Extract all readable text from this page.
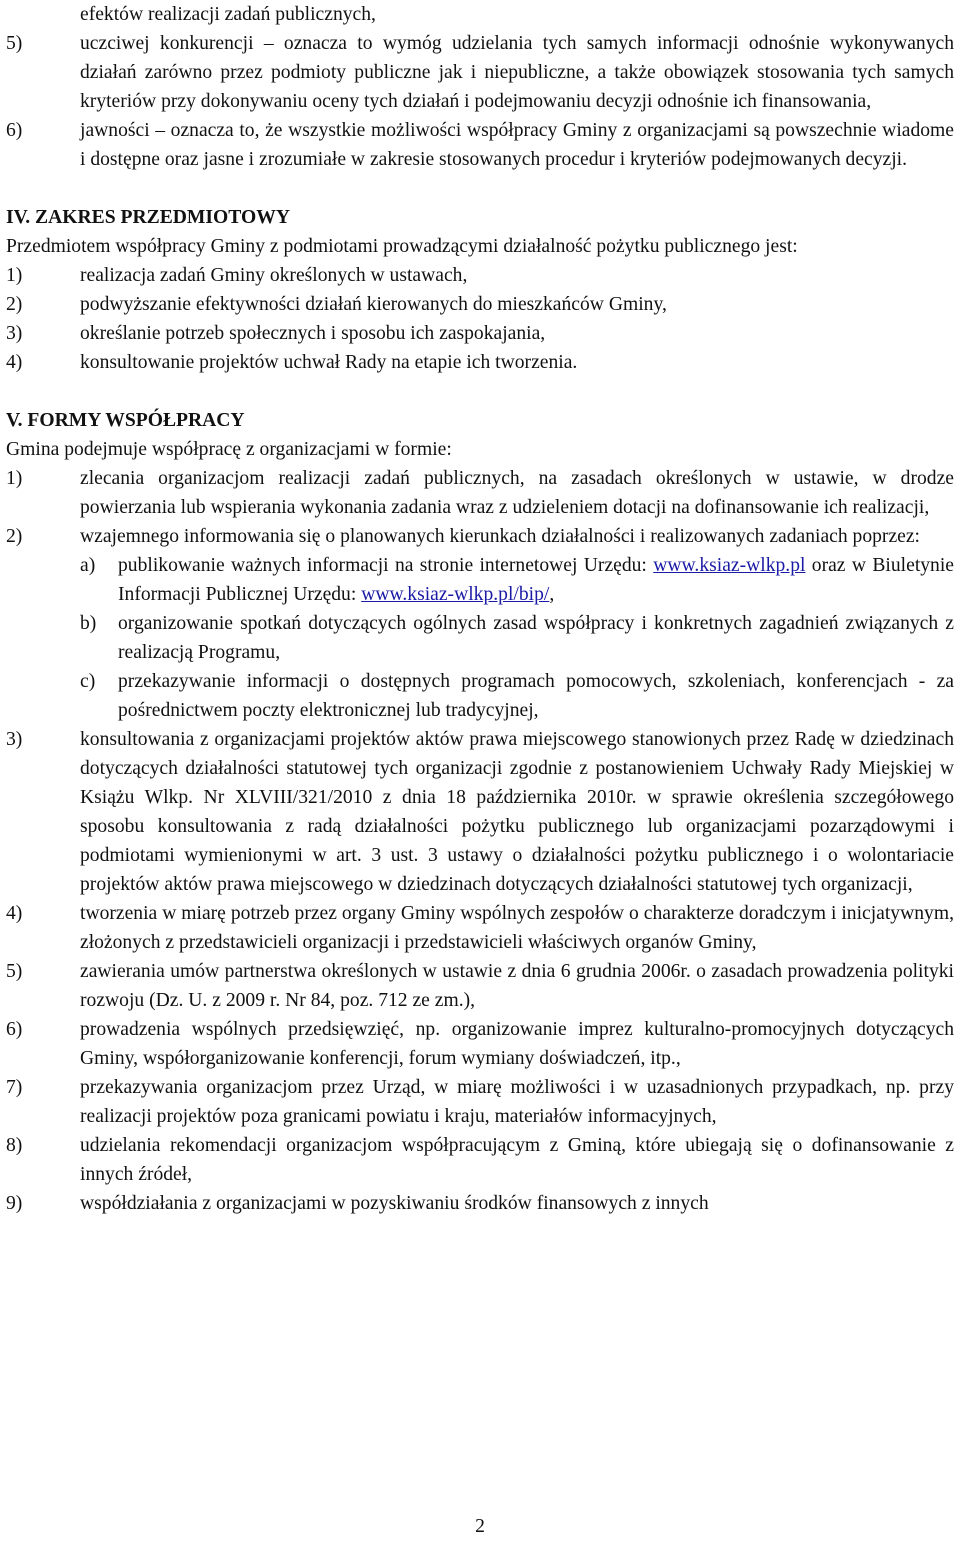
efektów realizacji zadań publicznych,

5)	uczciwej konkurencji – oznacza to wymóg udzielania tych samych informacji odnośnie wykonywanych działań zarówno przez podmioty publiczne jak i niepubliczne, a także obowiązek stosowania tych samych kryteriów przy dokonywaniu oceny tych działań i podejmowaniu decyzji odnośnie ich finansowania,
6)	jawności – oznacza to, że wszystkie możliwości współpracy Gminy z organizacjami są powszechnie wiadome i dostępne oraz jasne i zrozumiałe w zakresie stosowanych procedur i kryteriów podejmowanych decyzji.
IV. ZAKRES PRZEDMIOTOWY

Przedmiotem współpracy Gminy z podmiotami prowadzącymi działalność pożytku publicznego jest:

1)	realizacja zadań Gminy określonych w ustawach,
2)	podwyższanie efektywności działań kierowanych do mieszkańców Gminy,
3)	określanie potrzeb społecznych i sposobu ich zaspokajania,
4)	konsultowanie projektów uchwał Rady na etapie ich tworzenia.
V. FORMY WSPÓŁPRACY

Gmina podejmuje współpracę z organizacjami w formie:

1)	zlecania organizacjom realizacji zadań publicznych, na zasadach określonych w ustawie, w drodze powierzania lub wspierania wykonania zadania wraz z udzieleniem dotacji na dofinansowanie ich realizacji,
2)	wzajemnego informowania się o planowanych kierunkach działalności i realizowanych zadaniach poprzez:
a)	publikowanie ważnych informacji na stronie internetowej Urzędu: www.ksiaz-wlkp.pl oraz w Biuletynie Informacji Publicznej Urzędu: www.ksiaz-wlkp.pl/bip/,
b)	organizowanie spotkań dotyczących ogólnych zasad współpracy i konkretnych zagadnień związanych z realizacją Programu,
c)	przekazywanie informacji o dostępnych programach pomocowych, szkoleniach, konferencjach - za pośrednictwem poczty elektronicznej lub tradycyjnej,
3)	konsultowania z organizacjami projektów aktów prawa miejscowego stanowionych przez Radę w dziedzinach dotyczących działalności statutowej tych organizacji zgodnie z postanowieniem Uchwały Rady Miejskiej w Książu Wlkp. Nr XLVIII/321/2010 z dnia 18 października 2010r. w sprawie określenia szczegółowego sposobu konsultowania z radą działalności pożytku publicznego lub organizacjami pozarządowymi i podmiotami wymienionymi w art. 3 ust. 3 ustawy o działalności pożytku publicznego i o wolontariacie projektów aktów prawa miejscowego w dziedzinach dotyczących działalności statutowej tych organizacji,
4)	tworzenia w miarę potrzeb przez organy Gminy wspólnych zespołów o charakterze doradczym i inicjatywnym, złożonych z przedstawicieli organizacji i przedstawicieli właściwych organów Gminy,
5)	zawierania umów partnerstwa określonych w ustawie z dnia 6 grudnia 2006r. o zasadach prowadzenia polityki rozwoju (Dz. U. z 2009 r. Nr 84, poz. 712 ze zm.),
6)	prowadzenia wspólnych przedsięwzięć, np. organizowanie imprez kulturalno-promocyjnych dotyczących Gminy, współorganizowanie konferencji, forum wymiany doświadczeń, itp.,
7)	przekazywania organizacjom przez Urząd, w miarę możliwości i w uzasadnionych przypadkach, np. przy realizacji projektów poza granicami powiatu i kraju, materiałów informacyjnych,
8)	udzielania rekomendacji organizacjom współpracującym z Gminą, które ubiegają się o dofinansowanie z innych źródeł,
9)	współdziałania z organizacjami w pozyskiwaniu środków finansowych z innych
2
